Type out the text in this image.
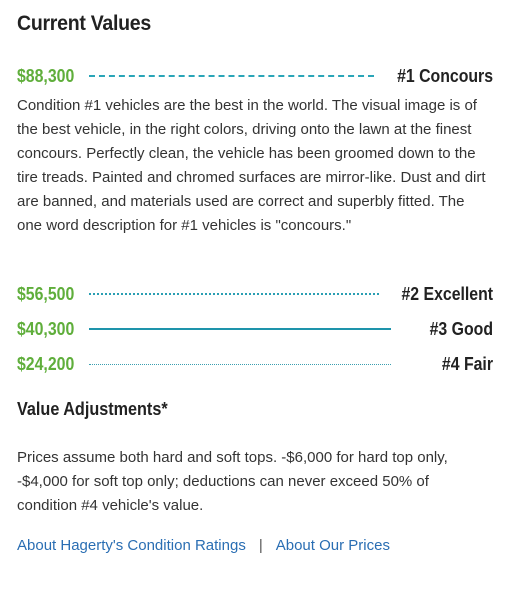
Current Values
$88,300	#1 Concours
Condition #1 vehicles are the best in the world. The visual image is of the best vehicle, in the right colors, driving onto the lawn at the finest concours. Perfectly clean, the vehicle has been groomed down to the tire treads. Painted and chromed surfaces are mirror-like. Dust and dirt are banned, and materials used are correct and superbly fitted. The one word description for #1 vehicles is "concours."
$56,500	#2 Excellent
$40,300	#3 Good
$24,200	#4 Fair
Value Adjustments*
Prices assume both hard and soft tops. -$6,000 for hard top only, -$4,000 for soft top only; deductions can never exceed 50% of condition #4 vehicle's value.
About Hagerty's Condition Ratings | About Our Prices
